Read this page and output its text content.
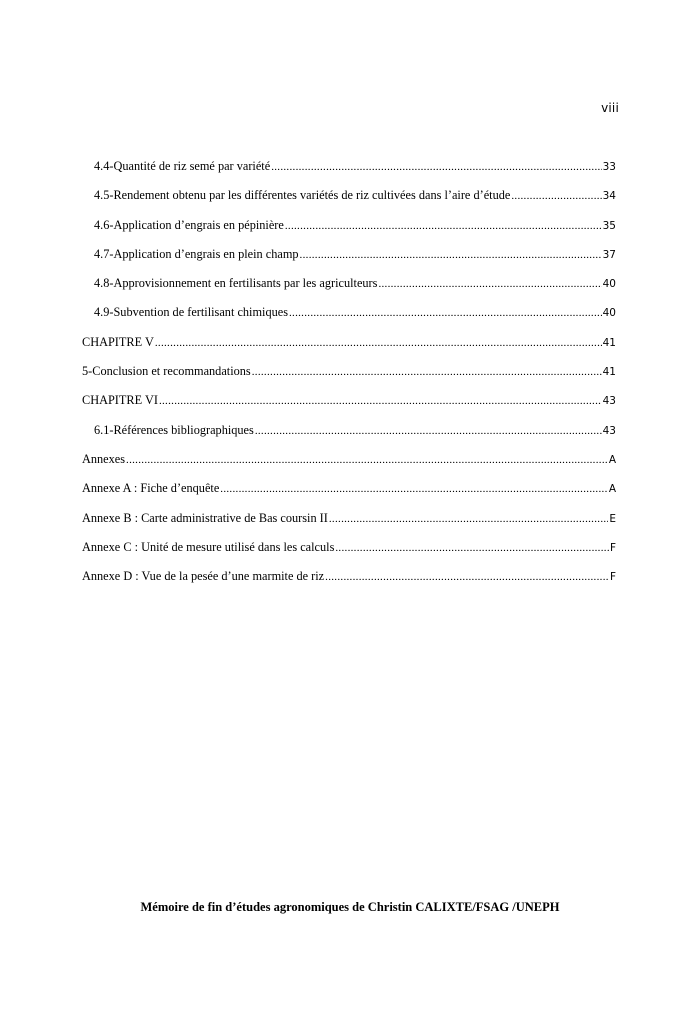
viii
4.4-Quantité de riz semé par variété .....	33
4.5-Rendement obtenu par les différentes variétés de riz cultivées dans l’aire d’étude .....	34
4.6-Application d’engrais en pépinière .....	35
4.7-Application d’engrais en plein champ .....	37
4.8-Approvisionnement en fertilisants par les agriculteurs .....	40
4.9-Subvention de fertilisant chimiques .....	40
CHAPITRE V .....	41
5-Conclusion et recommandations .....	41
CHAPITRE VI .....	43
6.1-Références bibliographiques .....	43
Annexes .....	A
Annexe A : Fiche d’enquête .....	A
Annexe B : Carte administrative de Bas coursin II .....	E
Annexe C : Unité de mesure utilisé dans les calculs .....	F
Annexe D : Vue de la pesée d’une marmite de riz .....	F
Mémoire de fin d’études agronomiques de Christin CALIXTE/FSAG /UNEPH
